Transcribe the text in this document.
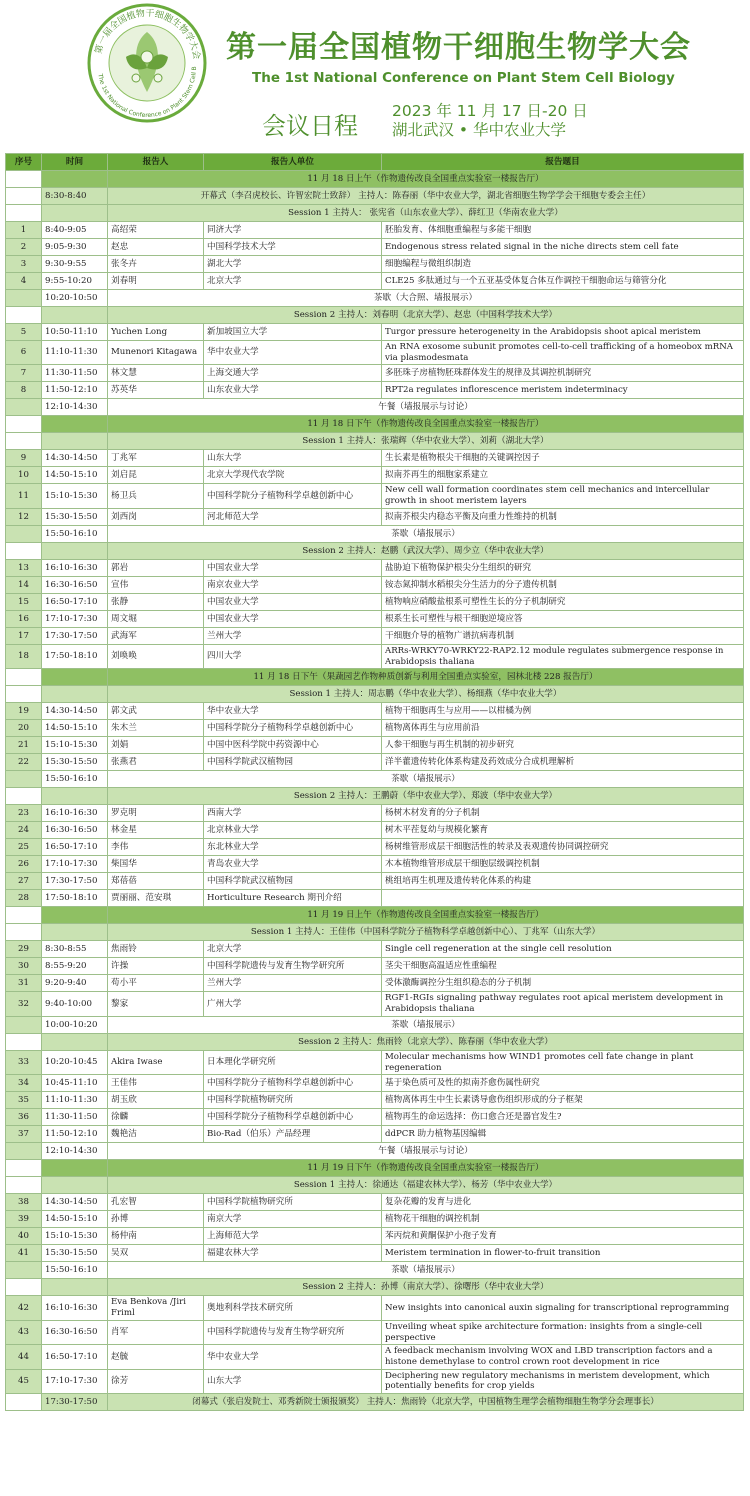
第一届全国植物干细胞生物学大会
The 1st National Conference on Plant Stem Cell B
第一届全国植物干细胞生物学大会
The 1st National Conference on Plant Stem Cell Biology
会议日程
2023 年 11 月 17 日-20 日
湖北武汉 • 华中农业大学
序号	时间	报告人	报告人单位	报告题目
		11 月 18 日上午（作物遗传改良全国重点实验室一楼报告厅）		
	8:30-8:40	开幕式（李召虎校长、许智宏院士致辞） 主持人：陈春丽（华中农业大学，湖北省细胞生物学学会干细胞专委会主任）		
		Session 1 主持人： 张宪省（山东农业大学）、薛红卫（华南农业大学）		
1	8:40-9:05	高绍荣	同济大学	胚胎发育、体细胞重编程与多能干细胞
2	9:05-9:30	赵忠	中国科学技术大学	Endogenous stress related signal in the niche directs stem cell fate
3	9:30-9:55	张冬卉	湖北大学	细胞编程与微组织制造
4	9:55-10:20	刘春明	北京大学	CLE25 多肽通过与一个五亚基受体复合体互作调控干细胞命运与筛管分化
	10:20-10:50	茶歇（大合照、墙报展示）		
		Session 2 主持人：刘春明（北京大学）、赵忠（中国科学技术大学）		
5	10:50-11:10	Yuchen Long	新加坡国立大学	Turgor pressure heterogeneity in the Arabidopsis shoot apical meristem
6	11:10-11:30	Munenori Kitagawa	华中农业大学	An RNA exosome subunit promotes cell-to-cell trafficking of a homeobox mRNA via plasmodesmata
7	11:30-11:50	林文慧	上海交通大学	多胚珠子房植物胚珠群体发生的规律及其调控机制研究
8	11:50-12:10	苏英华	山东农业大学	RPT2a regulates inflorescence meristem indeterminacy
	12:10-14:30	午餐（墙报展示与讨论）		
		11 月 18 日下午（作物遗传改良全国重点实验室一楼报告厅）		
		Session 1 主持人：张瑞辉（华中农业大学）、刘莉（湖北大学）		
9	14:30-14:50	丁兆军	山东大学	生长素是植物根尖干细胞的关键调控因子
10	14:50-15:10	刘启昆	北京大学现代农学院	拟南芥再生的细胞家系建立
11	15:10-15:30	杨卫兵	中国科学院分子植物科学卓越创新中心	New cell wall formation coordinates stem cell mechanics and intercellular growth in shoot meristem layers
12	15:30-15:50	刘西岗	河北师范大学	拟南芥根尖内稳态平衡及向重力性维持的机制
	15:50-16:10	茶歇（墙报展示）		
		Session 2 主持人：赵鹏（武汉大学）、周少立（华中农业大学）		
13	16:10-16:30	郭岩	中国农业大学	盐胁迫下植物保护根尖分生组织的研究
14	16:30-16:50	宣伟	南京农业大学	铵态氮抑制水稻根尖分生活力的分子遗传机制
15	16:50-17:10	张静	中国农业大学	植物响应硝酸盐根系可塑性生长的分子机制研究
16	17:10-17:30	周文堀	中国农业大学	根系生长可塑性与根干细胞逆境应答
17	17:30-17:50	武海军	兰州大学	干细胞介导的植物广谱抗病毒机制
18	17:50-18:10	刘唤唤	四川大学	ARRs-WRKY70-WRKY22-RAP2.12 module regulates submergence response in Arabidopsis thaliana
		11 月 18 日下午（果蔬园艺作物种质创新与利用全国重点实验室，园林北楼 228 报告厅）		
		Session 1 主持人：周志鹏（华中农业大学）、杨细燕（华中农业大学）		
19	14:30-14:50	郭文武	华中农业大学	植物干细胞再生与应用——以柑橘为例
20	14:50-15:10	朱木兰	中国科学院分子植物科学卓越创新中心	植物离体再生与应用前沿
21	15:10-15:30	刘娟	中国中医科学院中药资源中心	人参干细胞与再生机制的初步研究
22	15:30-15:50	张燕君	中国科学院武汉植物园	洋半藿遗传转化体系构建及药效成分合成机理解析
	15:50-16:10	茶歇（墙报展示）		
		Session 2 主持人：王鹏蔚（华中农业大学）、郑波（华中农业大学）		
23	16:10-16:30	罗克明	西南大学	杨树木材发育的分子机制
24	16:30-16:50	林金星	北京林业大学	树木平茬复幼与规模化繁育
25	16:50-17:10	李伟	东北林业大学	杨树维管形成层干细胞活性的转录及表观遗传协同调控研究
26	17:10-17:30	柴国华	青岛农业大学	木本植物维管形成层干细胞层级调控机制
27	17:30-17:50	郑蓓蓓	中国科学院武汉植物园	桃组培再生机理及遗传转化体系的构建
28	17:50-18:10	贾丽丽、范安琪	Horticulture Research 期刊介绍	
		11 月 19 日上午（作物遗传改良全国重点实验室一楼报告厅）		
		Session 1 主持人：王佳伟（中国科学院分子植物科学卓越创新中心）、丁兆军（山东大学）		
29	8:30-8:55	焦雨铃	北京大学	Single cell regeneration at the single cell resolution
30	8:55-9:20	许操	中国科学院遗传与发育生物学研究所	茎尖干细胞高温适应性重编程
31	9:20-9:40	苟小平	兰州大学	受体激酶调控分生组织稳态的分子机制
32	9:40-10:00	黎家	广州大学	RGF1-RGIs signaling pathway regulates root apical meristem development in Arabidopsis thaliana
	10:00-10:20	茶歇（墙报展示）		
		Session 2 主持人：焦雨铃（北京大学）、陈春丽（华中农业大学）		
33	10:20-10:45	Akira Iwase	日本理化学研究所	Molecular mechanisms how WIND1 promotes cell fate change in plant regeneration
34	10:45-11:10	王佳伟	中国科学院分子植物科学卓越创新中心	基于染色质可及性的拟南芥愈伤属性研究
35	11:10-11:30	胡玉欣	中国科学院植物研究所	植物离体再生中生长素诱导愈伤组织形成的分子框架
36	11:30-11:50	徐麟	中国科学院分子植物科学卓越创新中心	植物再生的命运选择：伤口愈合还是器官发生?
37	11:50-12:10	魏艳洁	Bio-Rad（伯乐）产品经理	ddPCR 助力植物基因编辑
	12:10-14:30	午餐（墙报展示与讨论）		
		11 月 19 日下午（作物遗传改良全国重点实验室一楼报告厅）		
		Session 1 主持人：徐通达（福建农林大学）、杨芳（华中农业大学）		
38	14:30-14:50	孔宏智	中国科学院植物研究所	复杂花瓣的发育与进化
39	14:50-15:10	孙博	南京大学	植物花干细胞的调控机制
40	15:10-15:30	杨仲南	上海师范大学	苯丙烷和黄酮保护小孢子发育
41	15:30-15:50	吴双	福建农林大学	Meristem termination in flower-to-fruit transition
	15:50-16:10	茶歇（墙报展示）		
		Session 2 主持人：孙博（南京大学）、徐曙彤（华中农业大学）		
42	16:10-16:30	Eva Benkova /Jiri Friml	奥地利科学技术研究所	New insights into canonical auxin signaling for transcriptional reprogramming
43	16:30-16:50	肖军	中国科学院遗传与发育生物学研究所	Unveiling wheat spike architecture formation: insights from a single-cell perspective
44	16:50-17:10	赵毓	华中农业大学	A feedback mechanism involving WOX and LBD transcription factors and a histone demethylase to control crown root development in rice
45	17:10-17:30	徐芳	山东大学	Deciphering new regulatory mechanisms in meristem development, which potentially benefits for crop yields
	17:30-17:50	闭幕式（张启发院士、邓秀新院士颁报颁奖） 主持人：焦雨铃（北京大学，中国植物生理学会植物细胞生物学分会理事长）		
